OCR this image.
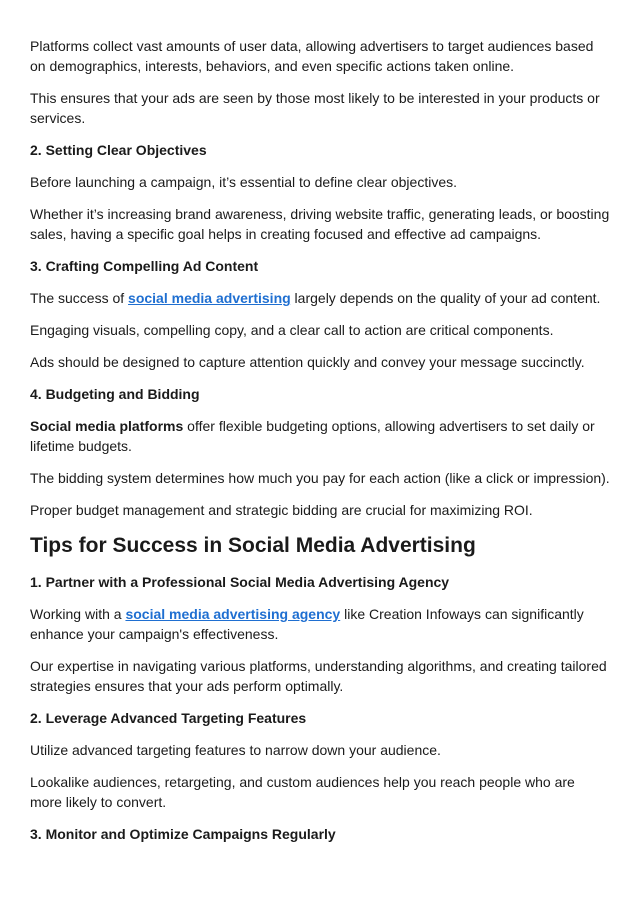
Platforms collect vast amounts of user data, allowing advertisers to target audiences based on demographics, interests, behaviors, and even specific actions taken online.

This ensures that your ads are seen by those most likely to be interested in your products or services.

2. Setting Clear Objectives

Before launching a campaign, it’s essential to define clear objectives.

Whether it’s increasing brand awareness, driving website traffic, generating leads, or boosting sales, having a specific goal helps in creating focused and effective ad campaigns.

3. Crafting Compelling Ad Content

The success of social media advertising largely depends on the quality of your ad content.

Engaging visuals, compelling copy, and a clear call to action are critical components.

Ads should be designed to capture attention quickly and convey your message succinctly.

4. Budgeting and Bidding

Social media platforms offer flexible budgeting options, allowing advertisers to set daily or lifetime budgets.

The bidding system determines how much you pay for each action (like a click or impression).

Proper budget management and strategic bidding are crucial for maximizing ROI.

Tips for Success in Social Media Advertising
1. Partner with a Professional Social Media Advertising Agency

Working with a social media advertising agency like Creation Infoways can significantly enhance your campaign's effectiveness.

Our expertise in navigating various platforms, understanding algorithms, and creating tailored strategies ensures that your ads perform optimally.

2. Leverage Advanced Targeting Features

Utilize advanced targeting features to narrow down your audience.

Lookalike audiences, retargeting, and custom audiences help you reach people who are more likely to convert.

3. Monitor and Optimize Campaigns Regularly
